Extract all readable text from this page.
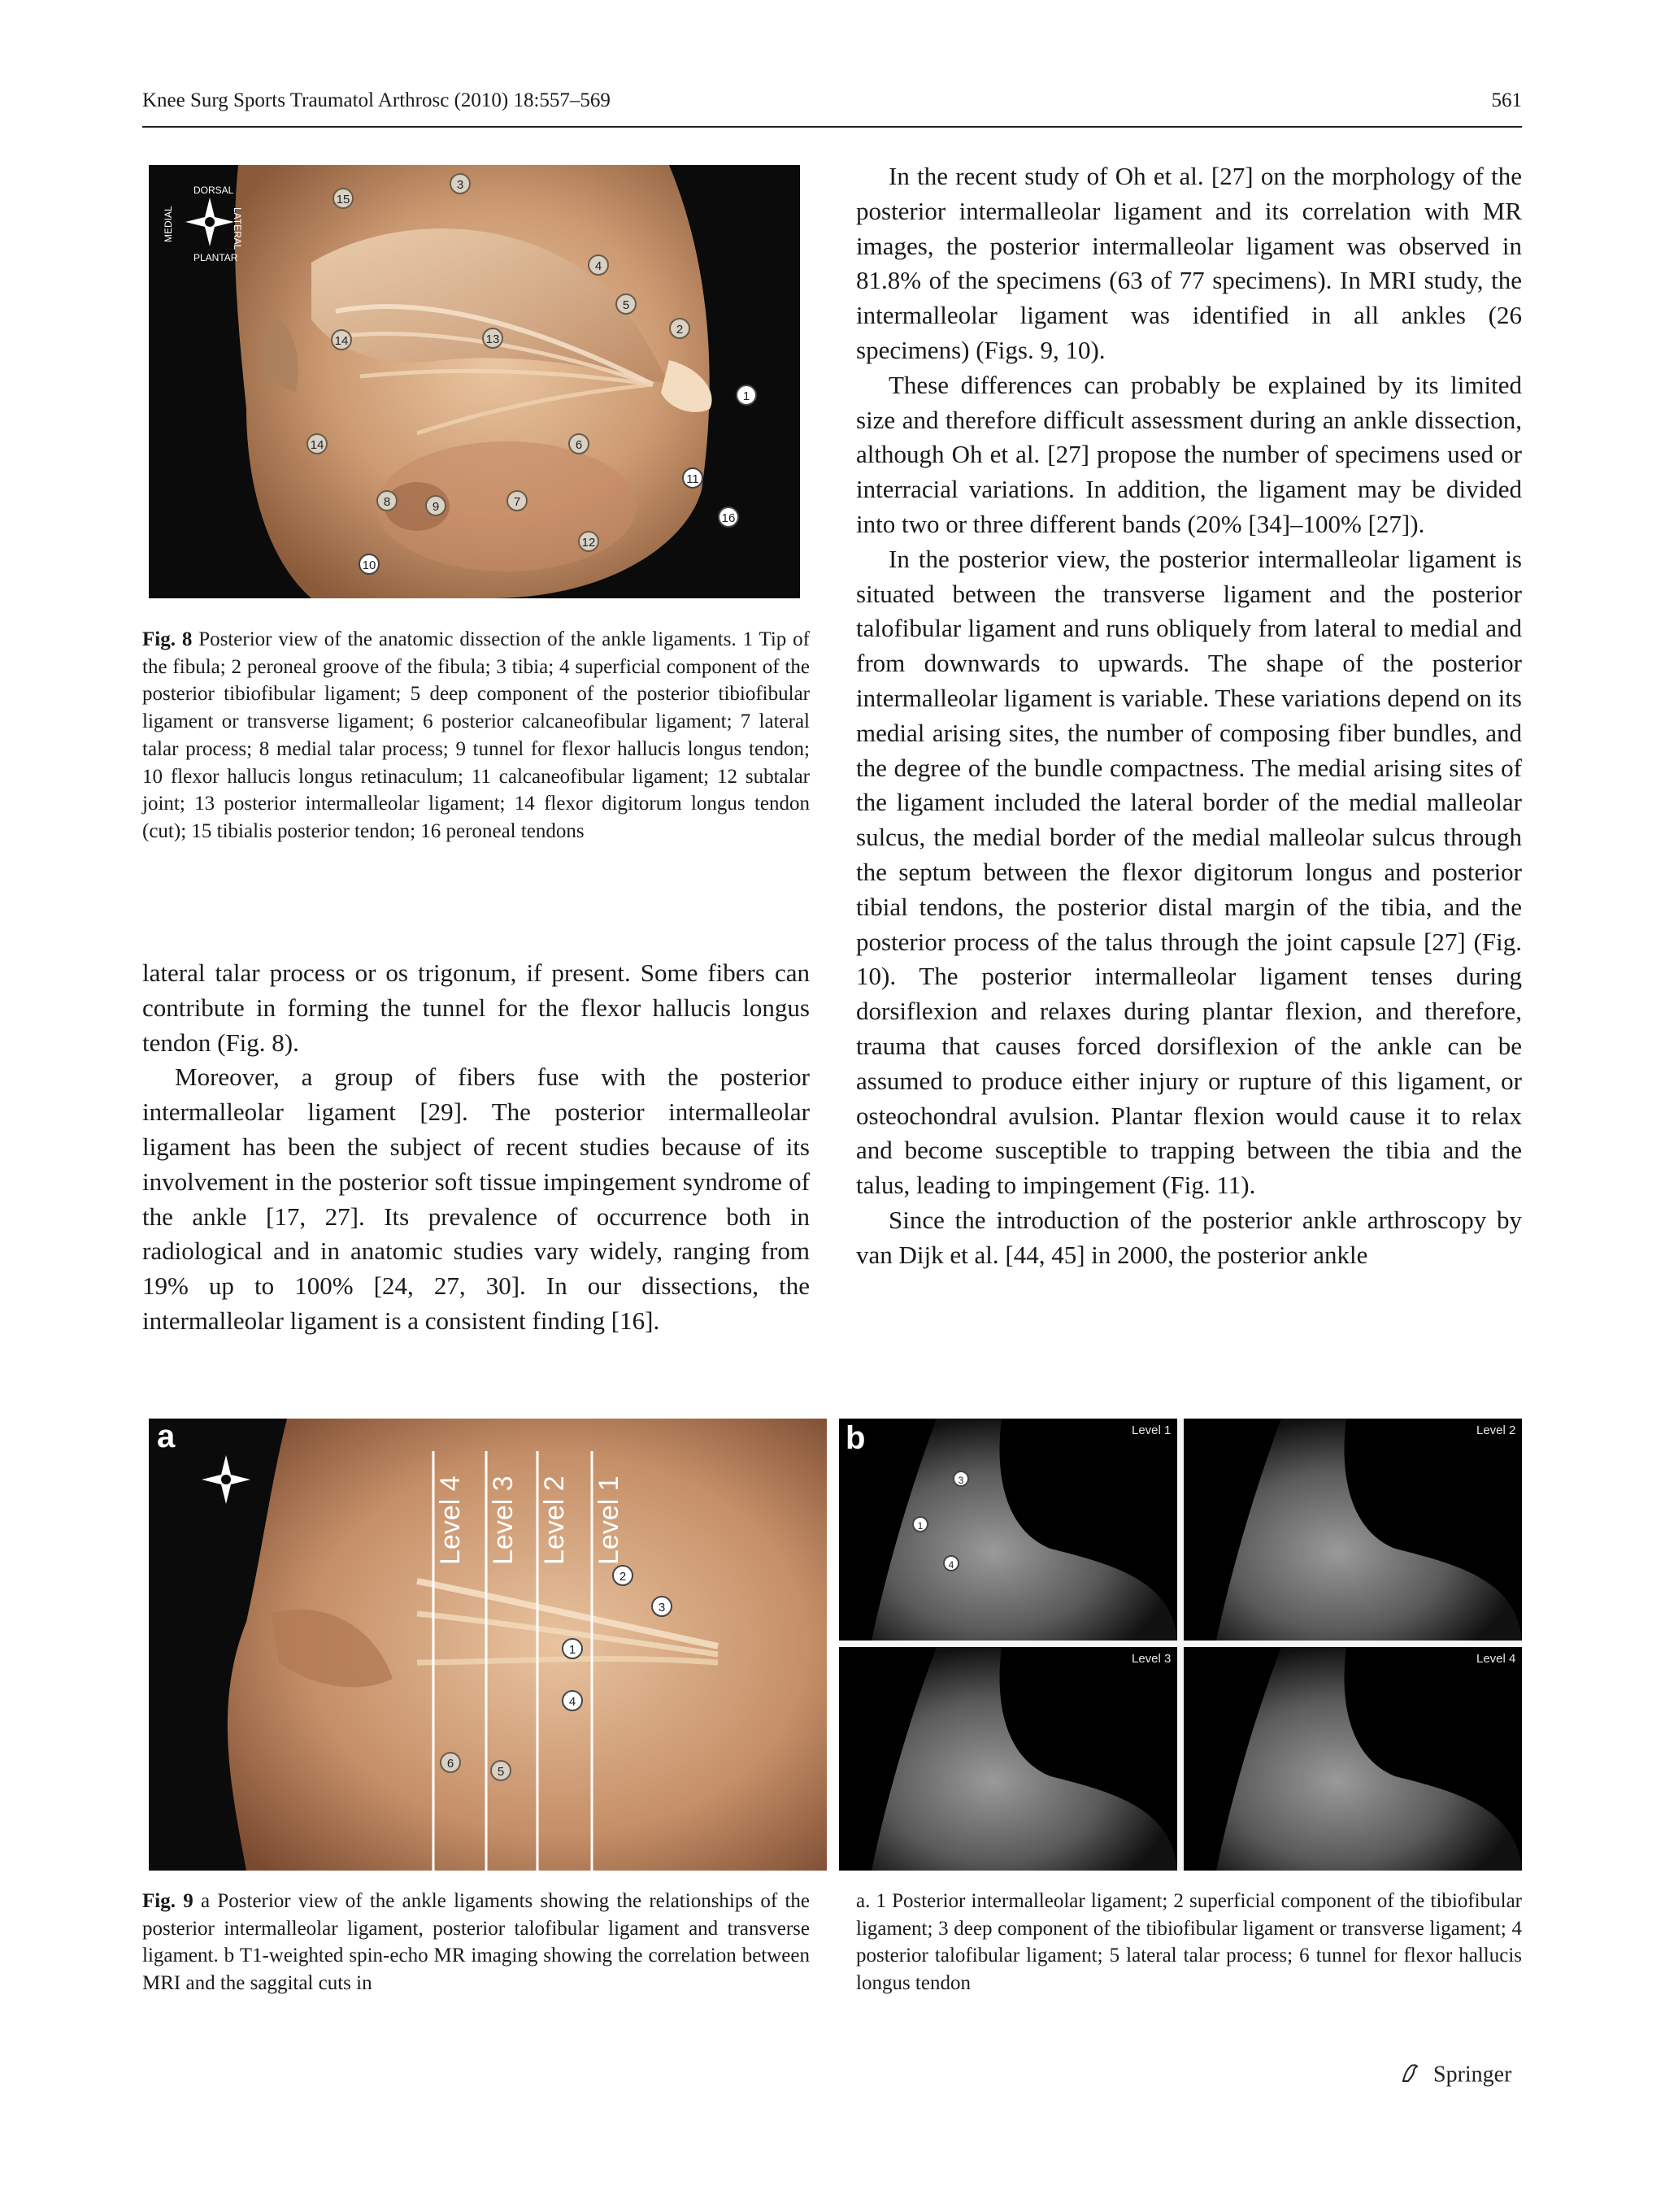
Knee Surg Sports Traumatol Arthrosc (2010) 18:557–569	561
DORSAL
PLANTAR
MEDIAL	LATERAL
1
2
3
4
5
6
7
8	9
10
11
12
13
14
14
15
16
Fig. 8 Posterior view of the anatomic dissection of the ankle ligaments. 1 Tip of the fibula; 2 peroneal groove of the fibula; 3 tibia; 4 superficial component of the posterior tibiofibular ligament; 5 deep component of the posterior tibiofibular ligament or transverse ligament; 6 posterior calcaneofibular ligament; 7 lateral talar process; 8 medial talar process; 9 tunnel for flexor hallucis longus tendon; 10 flexor hallucis longus retinaculum; 11 calcaneofibular ligament; 12 subtalar joint; 13 posterior intermalleolar ligament; 14 flexor digitorum longus tendon (cut); 15 tibialis posterior tendon; 16 peroneal tendons

lateral talar process or os trigonum, if present. Some fibers can contribute in forming the tunnel for the flexor hallucis longus tendon (Fig. 8).

Moreover, a group of fibers fuse with the posterior intermalleolar ligament [29]. The posterior intermalleolar ligament has been the subject of recent studies because of its involvement in the posterior soft tissue impingement syndrome of the ankle [17, 27]. Its prevalence of occurrence both in radiological and in anatomic studies vary widely, ranging from 19% up to 100% [24, 27, 30]. In our dissections, the intermalleolar ligament is a consistent finding [16].

In the recent study of Oh et al. [27] on the morphology of the posterior intermalleolar ligament and its correlation with MR images, the posterior intermalleolar ligament was observed in 81.8% of the specimens (63 of 77 specimens). In MRI study, the intermalleolar ligament was identified in all ankles (26 specimens) (Figs. 9, 10).

These differences can probably be explained by its limited size and therefore difficult assessment during an ankle dissection, although Oh et al. [27] propose the number of specimens used or interracial variations. In addition, the ligament may be divided into two or three different bands (20% [34]–100% [27]).

In the posterior view, the posterior intermalleolar ligament is situated between the transverse ligament and the posterior talofibular ligament and runs obliquely from lateral to medial and from downwards to upwards. The shape of the posterior intermalleolar ligament is variable. These variations depend on its medial arising sites, the number of composing fiber bundles, and the degree of the bundle compactness. The medial arising sites of the ligament included the lateral border of the medial malleolar sulcus, the medial border of the medial malleolar sulcus through the septum between the flexor digitorum longus and posterior tibial tendons, the posterior distal margin of the tibia, and the posterior process of the talus through the joint capsule [27] (Fig. 10). The posterior intermalleolar ligament tenses during dorsiflexion and relaxes during plantar flexion, and therefore, trauma that causes forced dorsiflexion of the ankle can be assumed to produce either injury or rupture of this ligament, or osteochondral avulsion. Plantar flexion would cause it to relax and become susceptible to trapping between the tibia and the talus, leading to impingement (Fig. 11).

Since the introduction of the posterior ankle arthroscopy by van Dijk et al. [44, 45] in 2000, the posterior ankle

a
Level 4 Level 3 Level 2 Level 1
1
2
3
4
5
6
b	Level 1	Level 2
Level 3	Level 4
1
3
4
Fig. 9 a Posterior view of the ankle ligaments showing the relationships of the posterior intermalleolar ligament, posterior talofibular ligament and transverse ligament. b T1-weighted spin-echo MR imaging showing the correlation between MRI and the saggital cuts in
a. 1 Posterior intermalleolar ligament; 2 superficial component of the tibiofibular ligament; 3 deep component of the tibiofibular ligament or transverse ligament; 4 posterior talofibular ligament; 5 lateral talar process; 6 tunnel for flexor hallucis longus tendon
Springer
